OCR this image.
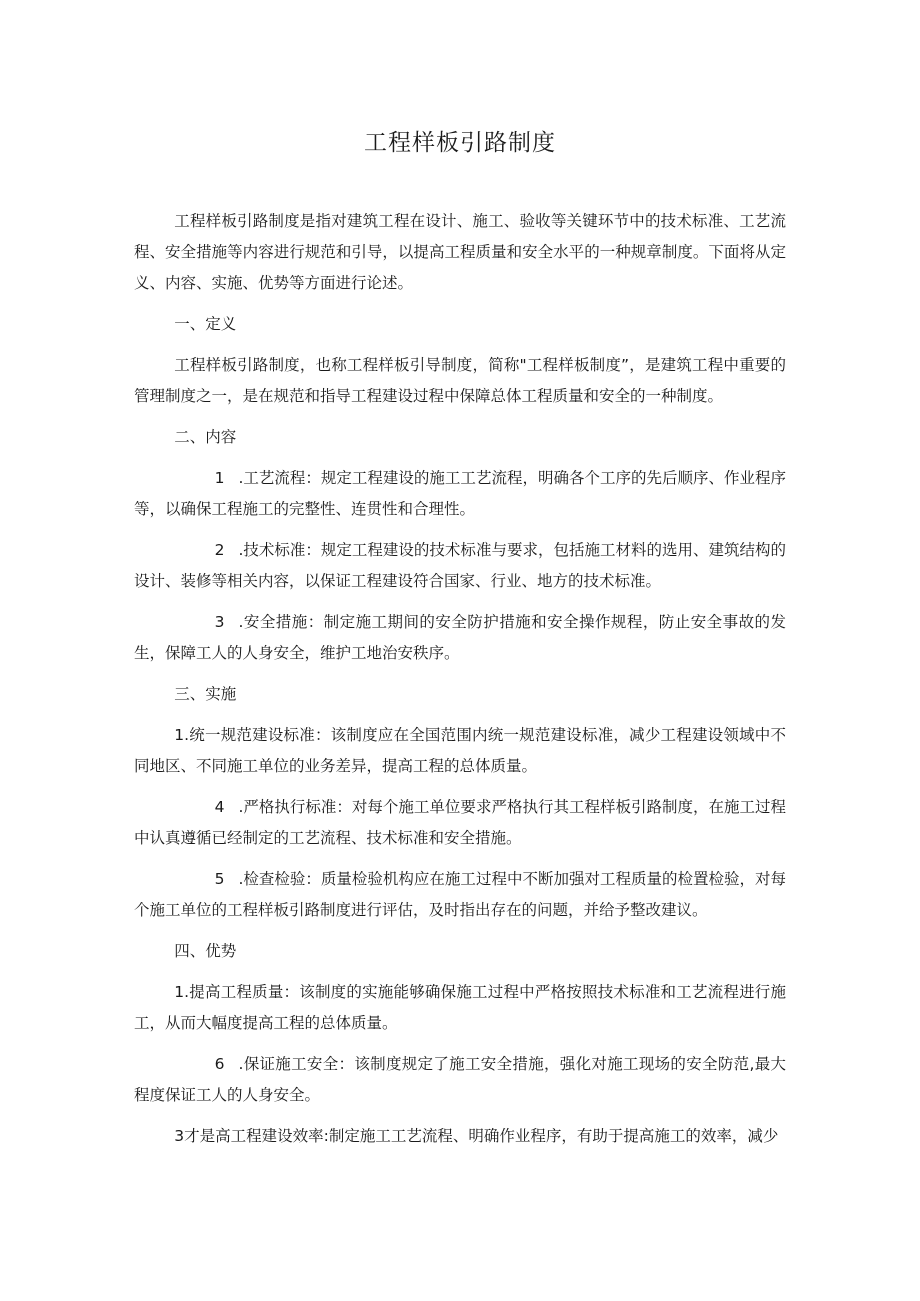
工程样板引路制度

工程样板引路制度是指对建筑工程在设计、施工、验收等关键环节中的技术标准、工艺流程、安全措施等内容进行规范和引导，以提高工程质量和安全水平的一种规章制度。下面将从定义、内容、实施、优势等方面进行论述。

一、定义

工程样板引路制度，也称工程样板引导制度，简称"工程样板制度”，是建筑工程中重要的管理制度之一，是在规范和指导工程建设过程中保障总体工程质量和安全的一种制度。

二、内容

1 .工艺流程：规定工程建设的施工工艺流程，明确各个工序的先后顺序、作业程序等，以确保工程施工的完整性、连贯性和合理性。

2 .技术标准：规定工程建设的技术标准与要求，包括施工材料的选用、建筑结构的设计、装修等相关内容，以保证工程建设符合国家、行业、地方的技术标准。

3 .安全措施：制定施工期间的安全防护措施和安全操作规程，防止安全事故的发生，保障工人的人身安全，维护工地治安秩序。

三、实施

1.统一规范建设标准：该制度应在全国范围内统一规范建设标准，减少工程建设领域中不同地区、不同施工单位的业务差异，提高工程的总体质量。

4 .严格执行标准：对每个施工单位要求严格执行其工程样板引路制度，在施工过程中认真遵循已经制定的工艺流程、技术标准和安全措施。

5 .检查检验：质量检验机构应在施工过程中不断加强对工程质量的检置检验，对每个施工单位的工程样板引路制度进行评估，及时指出存在的问题，并给予整改建议。

四、优势

1.提高工程质量：该制度的实施能够确保施工过程中严格按照技术标准和工艺流程进行施工，从而大幅度提高工程的总体质量。

6 .保证施工安全：该制度规定了施工安全措施，强化对施工现场的安全防范,最大程度保证工人的人身安全。

3才是高工程建设效率:制定施工工艺流程、明确作业程序，有助于提高施工的效率，减少
